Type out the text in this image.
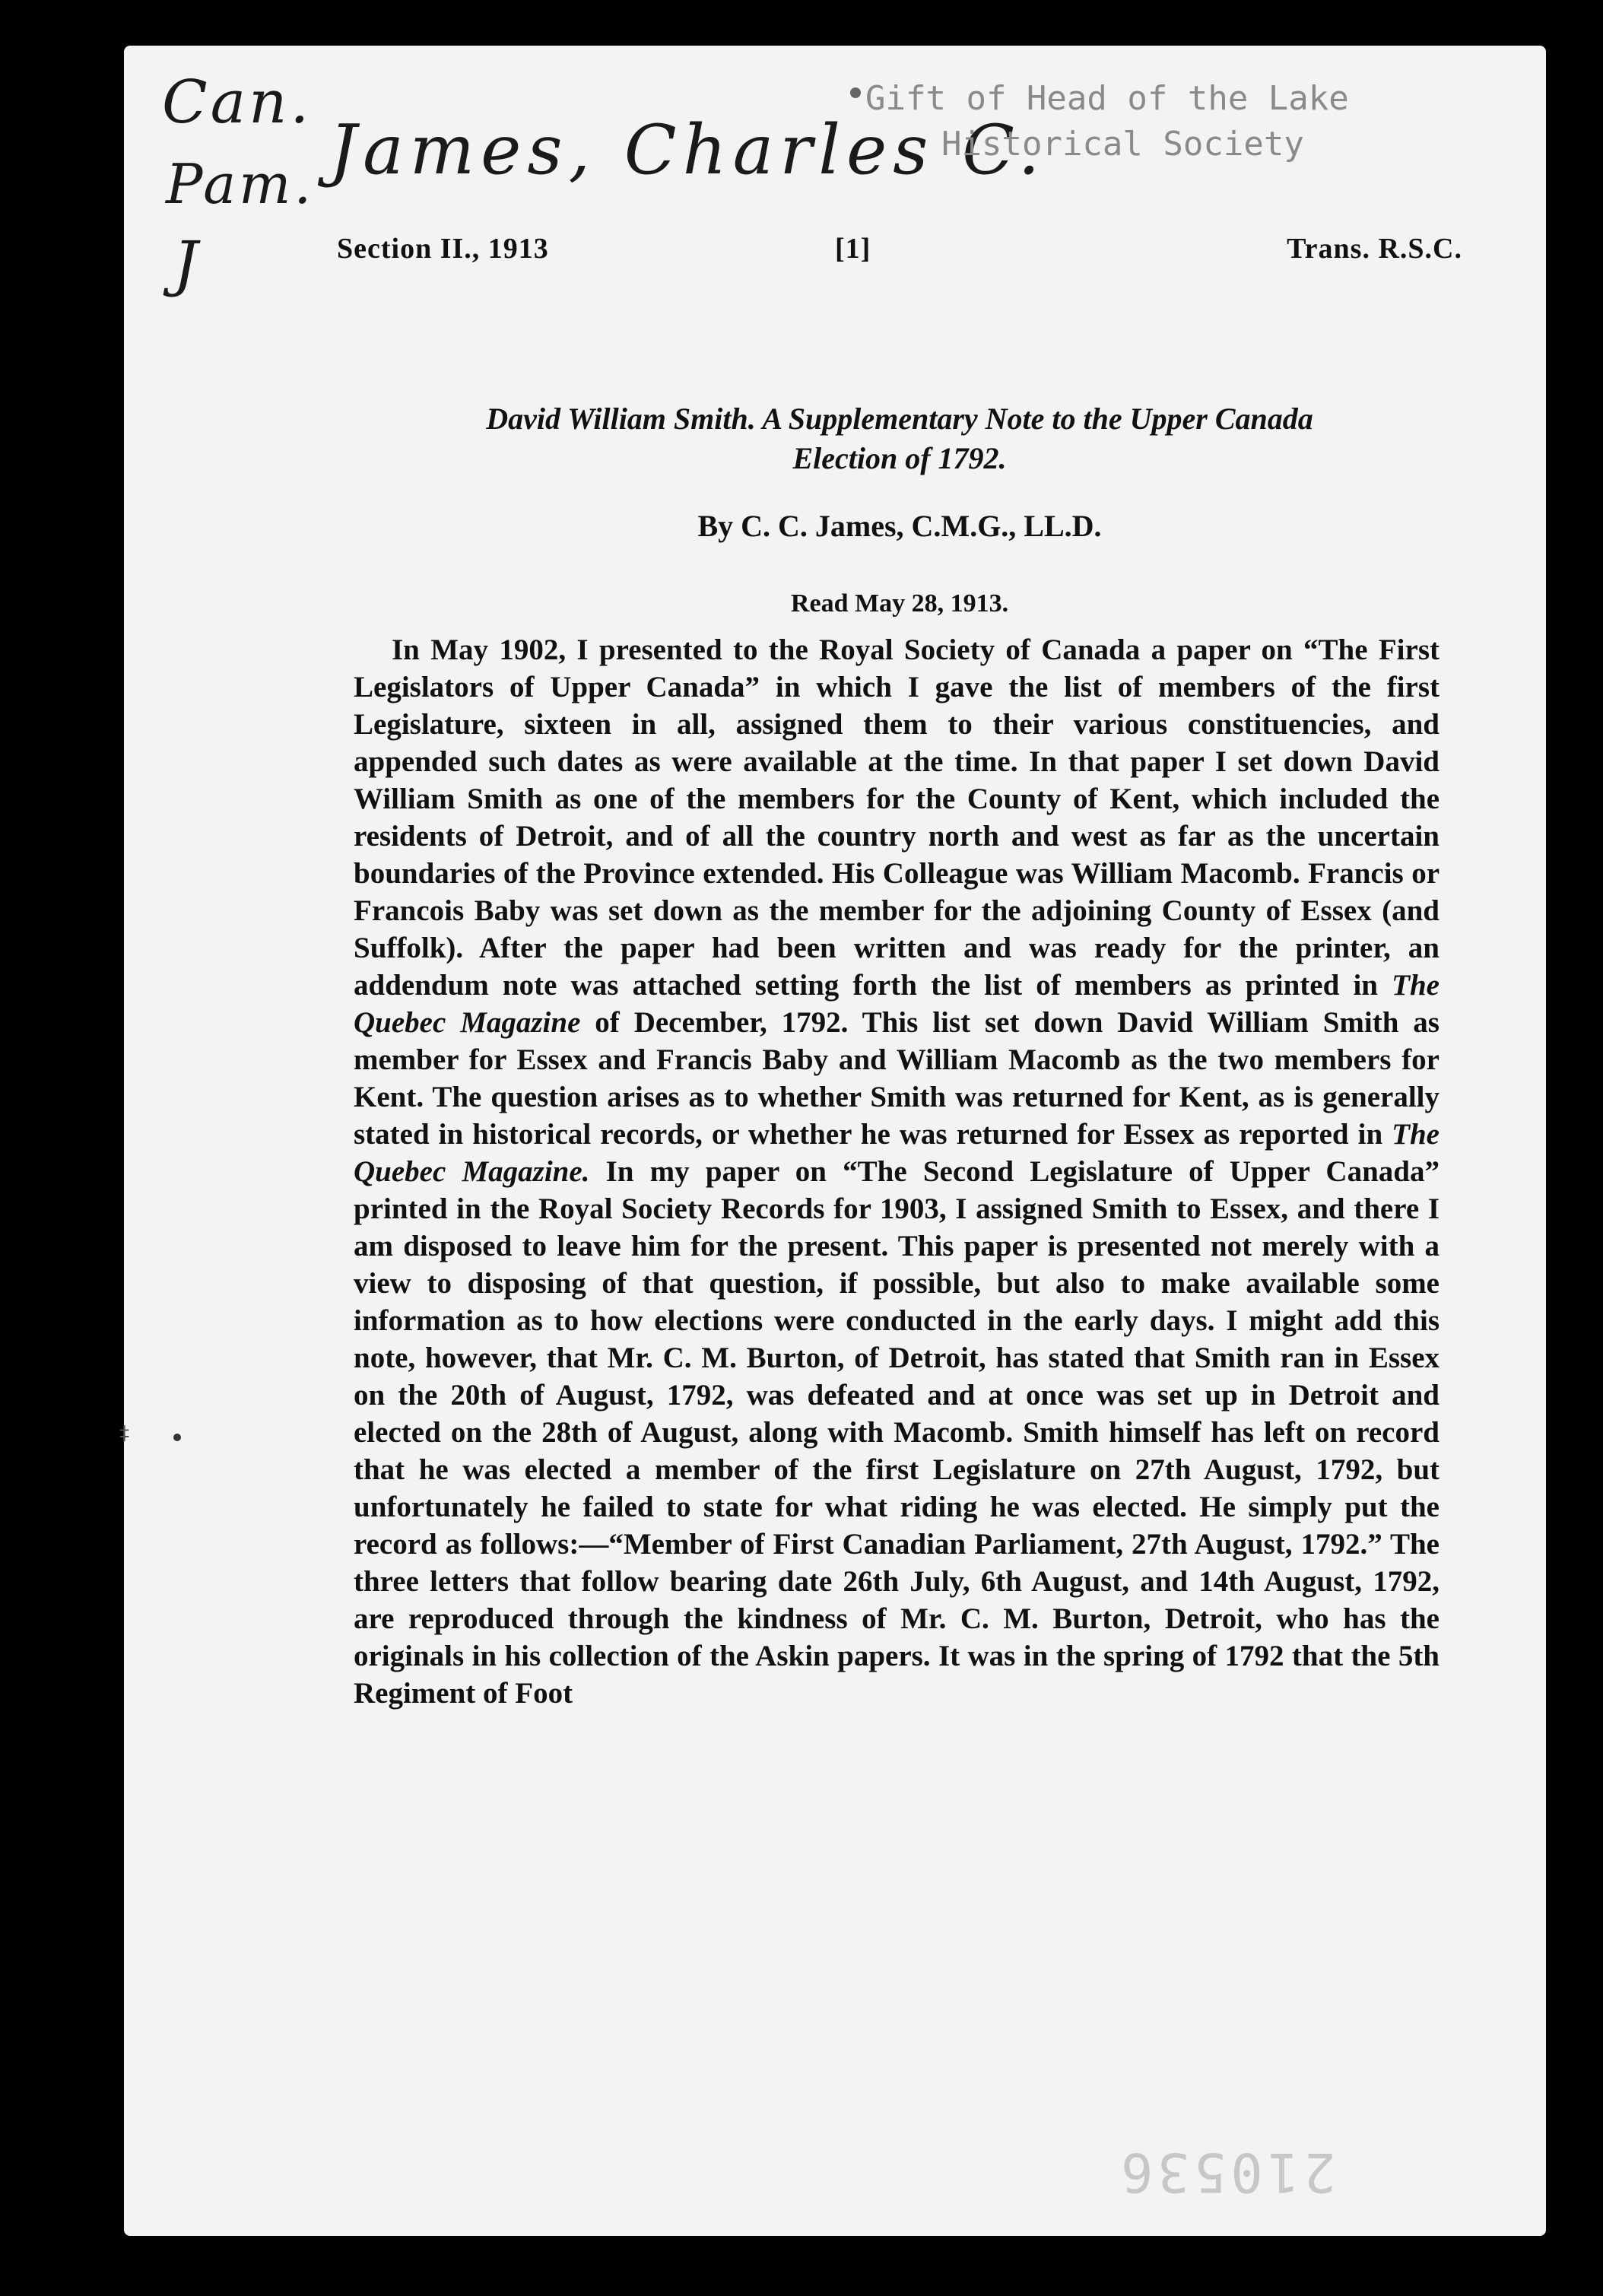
Can.
Pam.
J
James, Charles C.
Gift of Head of the Lake
Historical Society
Section II., 1913	[1]	Trans. R.S.C.
David William Smith. A Supplementary Note to the Upper Canada
Election of 1792.
By C. C. James, C.M.G., LL.D.
Read May 28, 1913.

In May 1902, I presented to the Royal Society of Canada a paper on “The First Legislators of Upper Canada” in which I gave the list of members of the first Legislature, sixteen in all, assigned them to their various constituencies, and appended such dates as were available at the time. In that paper I set down David William Smith as one of the members for the County of Kent, which included the residents of Detroit, and of all the country north and west as far as the uncertain boundaries of the Province extended. His Colleague was William Macomb. Francis or Francois Baby was set down as the member for the adjoining County of Essex (and Suffolk). After the paper had been written and was ready for the printer, an addendum note was attached setting forth the list of members as printed in The Quebec Magazine of December, 1792. This list set down David William Smith as member for Essex and Francis Baby and William Macomb as the two members for Kent. The question arises as to whether Smith was returned for Kent, as is generally stated in historical records, or whether he was returned for Essex as reported in The Quebec Magazine. In my paper on “The Second Legislature of Upper Canada” printed in the Royal Society Records for 1903, I assigned Smith to Essex, and there I am disposed to leave him for the present. This paper is presented not merely with a view to disposing of that question, if possible, but also to make available some information as to how elections were conducted in the early days. I might add this note, however, that Mr. C. M. Burton, of Detroit, has stated that Smith ran in Essex on the 20th of August, 1792, was defeated and at once was set up in Detroit and elected on the 28th of August, along with Macomb. Smith himself has left on record that he was elected a member of the first Legislature on 27th August, 1792, but unfortunately he failed to state for what riding he was elected. He simply put the record as follows:—“Member of First Canadian Parliament, 27th August, 1792.” The three letters that follow bearing date 26th July, 6th August, and 14th August, 1792, are reproduced through the kindness of Mr. C. M. Burton, Detroit, who has the originals in his collection of the Askin papers. It was in the spring of 1792 that the 5th Regiment of Foot

‡
210536
